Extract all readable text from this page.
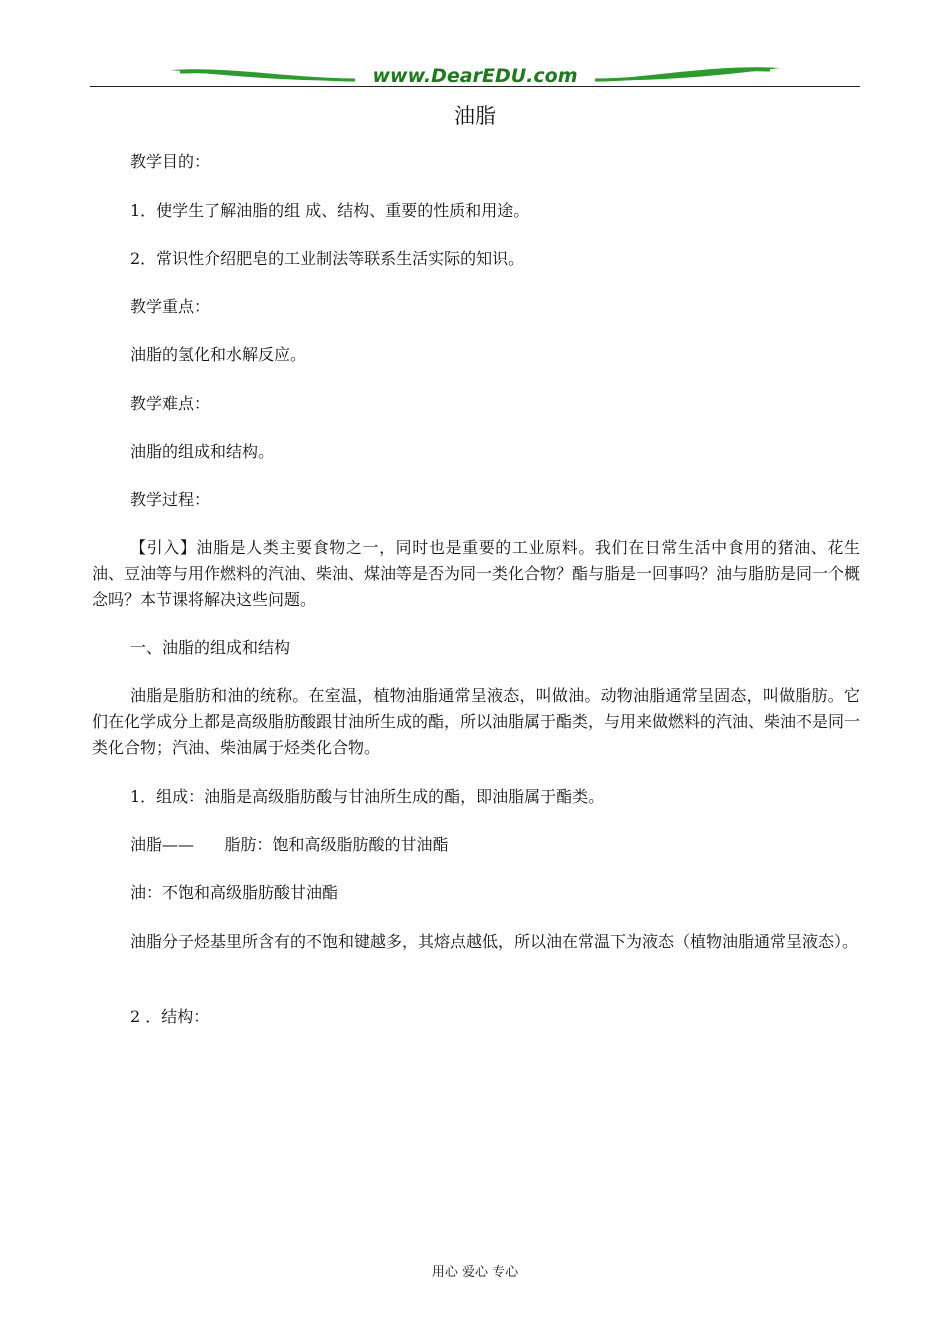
www.DearEDU.com
油脂

教学目的：

1．使学生了解油脂的组 成、结构、重要的性质和用途。

2．常识性介绍肥皂的工业制法等联系生活实际的知识。

教学重点：

油脂的氢化和水解反应。

教学难点：

油脂的组成和结构。

教学过程：

【引入】油脂是人类主要食物之一，同时也是重要的工业原料。我们在日常生活中食用的猪油、花生油、豆油等与用作燃料的汽油、柴油、煤油等是否为同一类化合物？酯与脂是一回事吗？油与脂肪是同一个概念吗？本节课将解决这些问题。

一、油脂的组成和结构

油脂是脂肪和油的统称。在室温，植物油脂通常呈液态，叫做油。动物油脂通常呈固态，叫做脂肪。它们在化学成分上都是高级脂肪酸跟甘油所生成的酯，所以油脂属于酯类，与用来做燃料的汽油、柴油不是同一类化合物；汽油、柴油属于烃类化合物。

1．组成：油脂是高级脂肪酸与甘油所生成的酯，即油脂属于酯类。

油脂——      脂肪：饱和高级脂肪酸的甘油酯

油：不饱和高级脂肪酸甘油酯

油脂分子烃基里所含有的不饱和键越多，其熔点越低，所以油在常温下为液态（植物油脂通常呈液态）。

2 ．结构：

用心 爱心 专心
